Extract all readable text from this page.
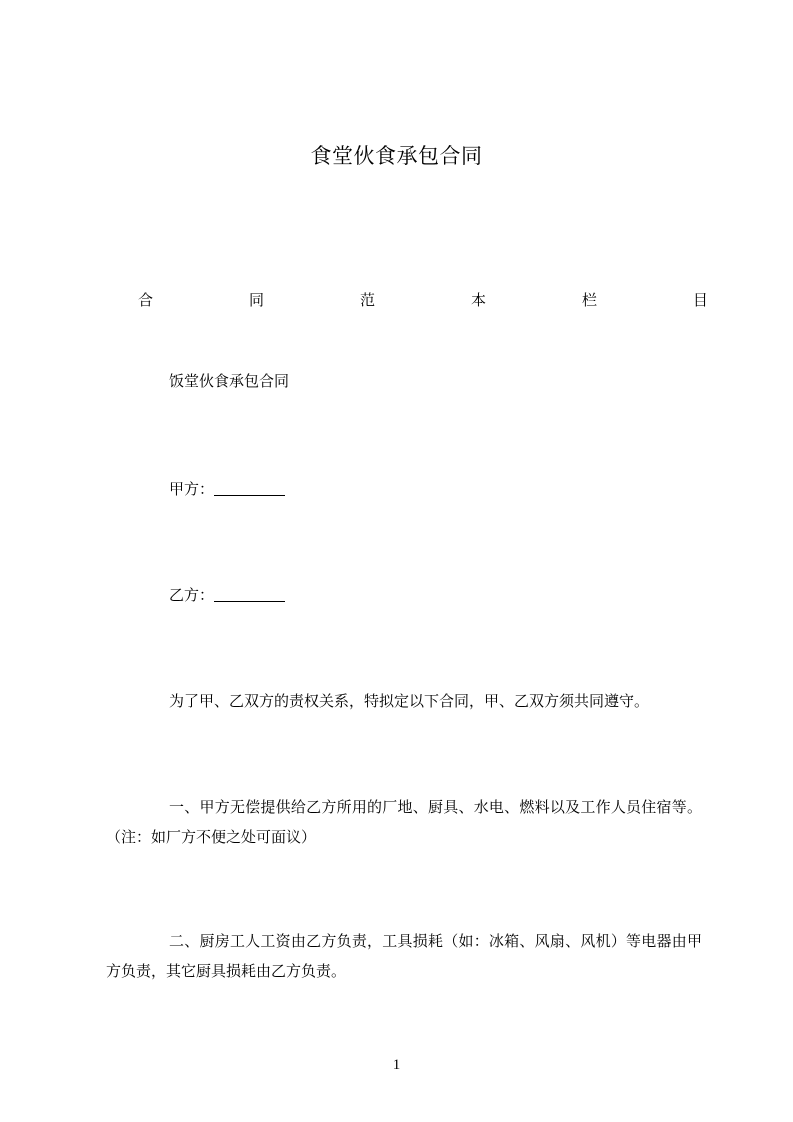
食堂伙食承包合同
合	同	范	本	栏	目
饭堂伙食承包合同
甲方：
乙方：
为了甲、乙双方的责权关系，特拟定以下合同，甲、乙双方须共同遵守。
一、甲方无偿提供给乙方所用的厂地、厨具、水电、燃料以及工作人员住宿等。（注：如厂方不便之处可面议）
二、厨房工人工资由乙方负责，工具损耗（如：冰箱、风扇、风机）等电器由甲方负责，其它厨具损耗由乙方负责。
1
